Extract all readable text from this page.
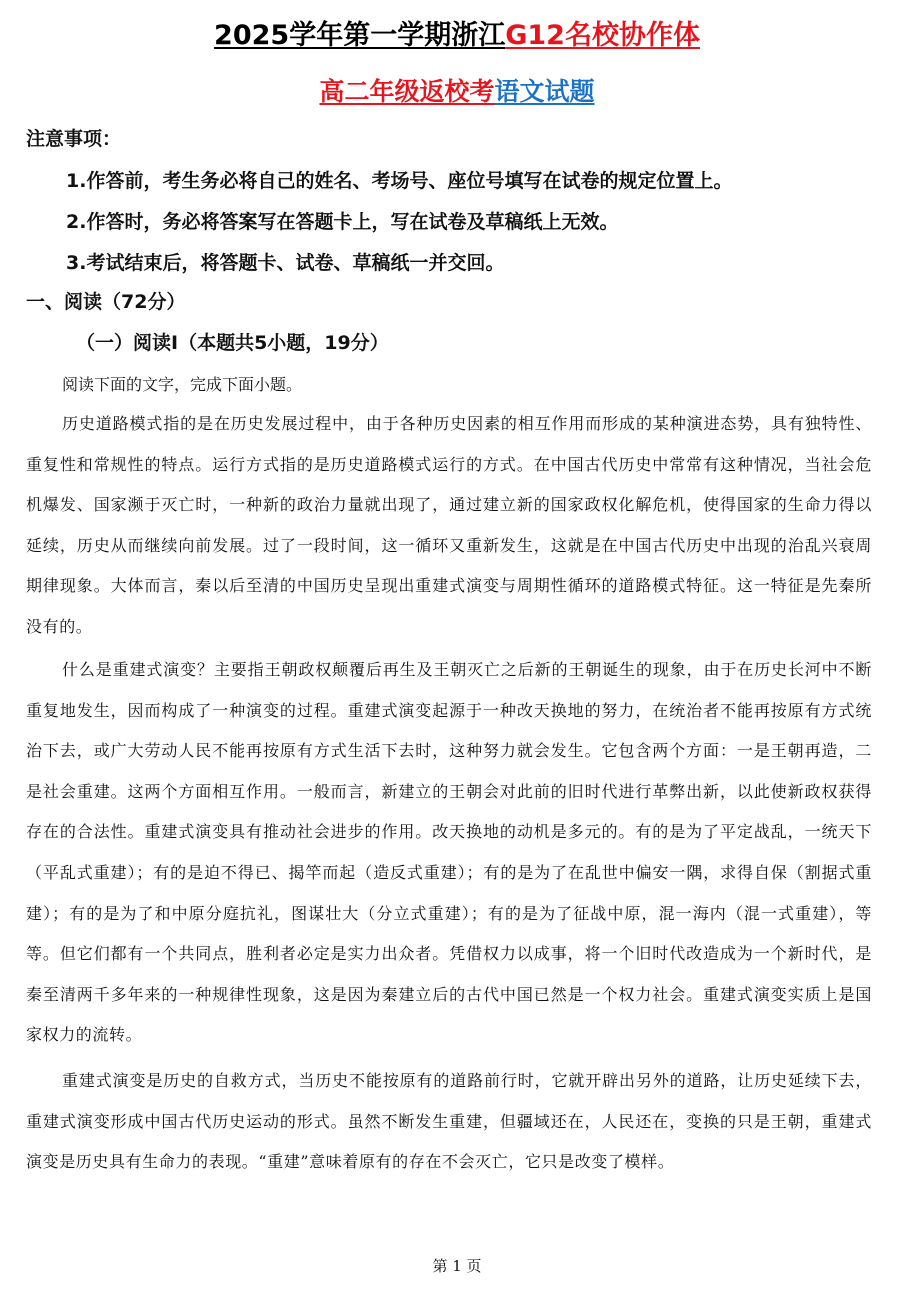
2025学年第一学期浙江G12名校协作体
高二年级返校考语文试题
注意事项：
1.作答前，考生务必将自己的姓名、考场号、座位号填写在试卷的规定位置上。
2.作答时，务必将答案写在答题卡上，写在试卷及草稿纸上无效。
3.考试结束后，将答题卡、试卷、草稿纸一并交回。
一、阅读（72分）
（一）阅读Ⅰ（本题共5小题，19分）
阅读下面的文字，完成下面小题。

历史道路模式指的是在历史发展过程中，由于各种历史因素的相互作用而形成的某种演进态势，具有独特性、重复性和常规性的特点。运行方式指的是历史道路模式运行的方式。在中国古代历史中常常有这种情况，当社会危机爆发、国家濒于灭亡时，一种新的政治力量就出现了，通过建立新的国家政权化解危机，使得国家的生命力得以延续，历史从而继续向前发展。过了一段时间，这一循环又重新发生，这就是在中国古代历史中出现的治乱兴衰周期律现象。大体而言，秦以后至清的中国历史呈现出重建式演变与周期性循环的道路模式特征。这一特征是先秦所没有的。

什么是重建式演变？主要指王朝政权颠覆后再生及王朝灭亡之后新的王朝诞生的现象，由于在历史长河中不断重复地发生，因而构成了一种演变的过程。重建式演变起源于一种改天换地的努力，在统治者不能再按原有方式统治下去，或广大劳动人民不能再按原有方式生活下去时，这种努力就会发生。它包含两个方面：一是王朝再造，二是社会重建。这两个方面相互作用。一般而言，新建立的王朝会对此前的旧时代进行革弊出新，以此使新政权获得存在的合法性。重建式演变具有推动社会进步的作用。改天换地的动机是多元的。有的是为了平定战乱，一统天下（平乱式重建）；有的是迫不得已、揭竿而起（造反式重建）；有的是为了在乱世中偏安一隅，求得自保（割据式重建）；有的是为了和中原分庭抗礼，图谋壮大（分立式重建）；有的是为了征战中原，混一海内（混一式重建），等等。但它们都有一个共同点，胜利者必定是实力出众者。凭借权力以成事，将一个旧时代改造成为一个新时代，是秦至清两千多年来的一种规律性现象，这是因为秦建立后的古代中国已然是一个权力社会。重建式演变实质上是国家权力的流转。

重建式演变是历史的自救方式，当历史不能按原有的道路前行时，它就开辟出另外的道路，让历史延续下去，重建式演变形成中国古代历史运动的形式。虽然不断发生重建，但疆域还在，人民还在，变换的只是王朝，重建式演变是历史具有生命力的表现。“重建”意味着原有的存在不会灭亡，它只是改变了模样。

第 1 页
